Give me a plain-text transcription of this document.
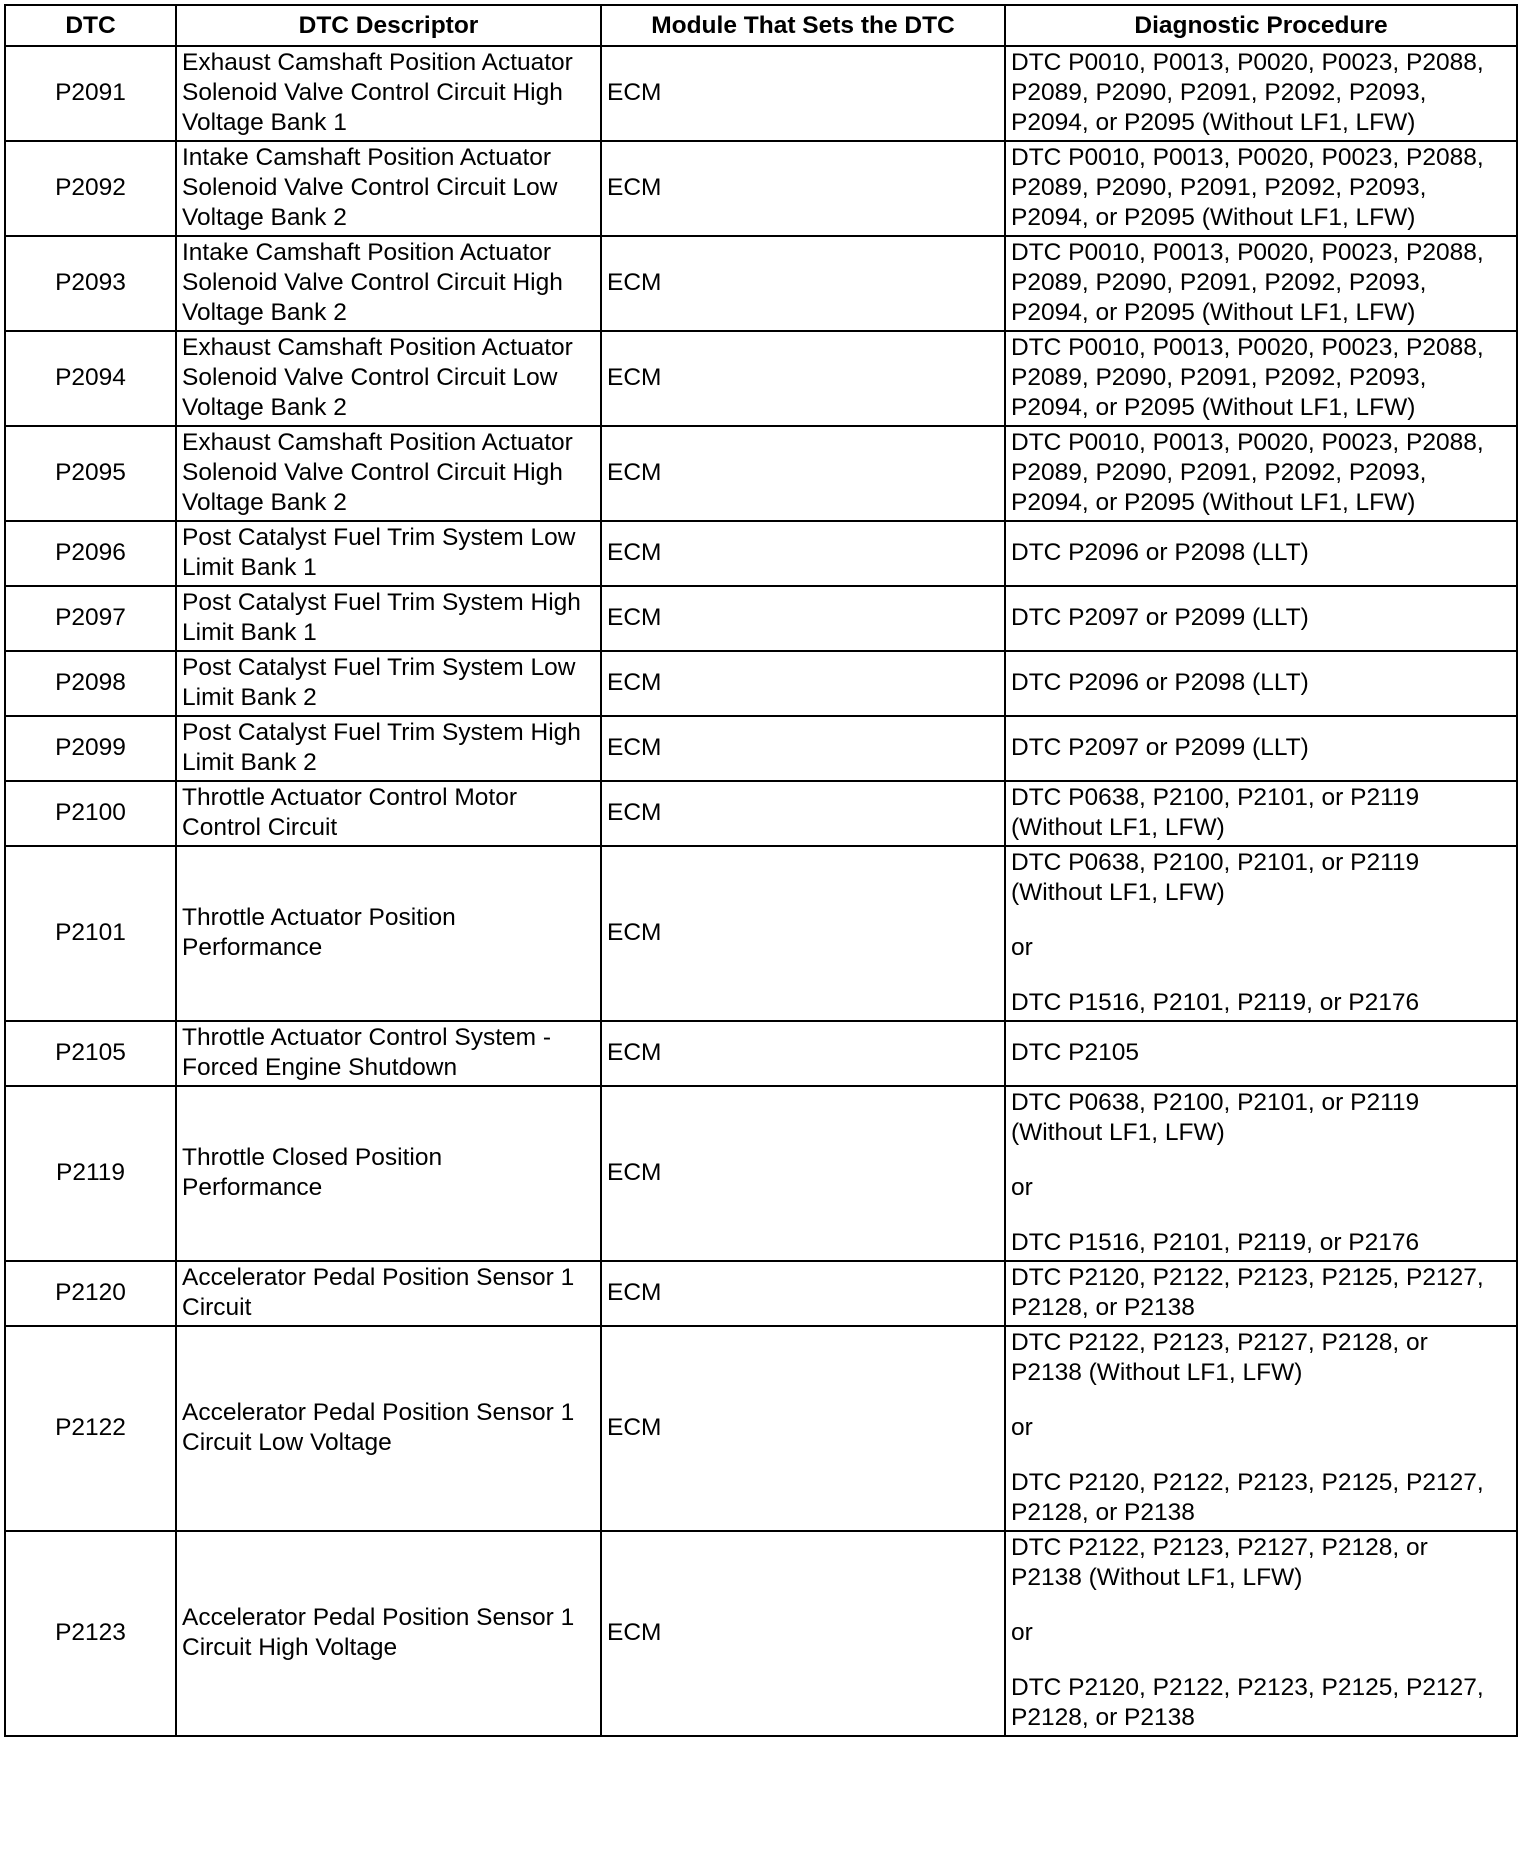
DTC	DTC Descriptor	Module That Sets the DTC	Diagnostic Procedure
P2091	Exhaust Camshaft Position Actuator
Solenoid Valve Control Circuit High
Voltage Bank 1	ECM	DTC P0010, P0013, P0020, P0023, P2088,
P2089, P2090, P2091, P2092, P2093,
P2094, or P2095 (Without LF1, LFW)

P2092	Intake Camshaft Position Actuator
Solenoid Valve Control Circuit Low
Voltage Bank 2	ECM	DTC P0010, P0013, P0020, P0023, P2088,
P2089, P2090, P2091, P2092, P2093,
P2094, or P2095 (Without LF1, LFW)

P2093	Intake Camshaft Position Actuator
Solenoid Valve Control Circuit High
Voltage Bank 2	ECM	DTC P0010, P0013, P0020, P0023, P2088,
P2089, P2090, P2091, P2092, P2093,
P2094, or P2095 (Without LF1, LFW)

P2094	Exhaust Camshaft Position Actuator
Solenoid Valve Control Circuit Low
Voltage Bank 2	ECM	DTC P0010, P0013, P0020, P0023, P2088,
P2089, P2090, P2091, P2092, P2093,
P2094, or P2095 (Without LF1, LFW)

P2095	Exhaust Camshaft Position Actuator
Solenoid Valve Control Circuit High
Voltage Bank 2	ECM	DTC P0010, P0013, P0020, P0023, P2088,
P2089, P2090, P2091, P2092, P2093,
P2094, or P2095 (Without LF1, LFW)

P2096	Post Catalyst Fuel Trim System Low
Limit Bank 1	ECM	DTC P2096 or P2098 (LLT)

P2097	Post Catalyst Fuel Trim System High
Limit Bank 1	ECM	DTC P2097 or P2099 (LLT)

P2098	Post Catalyst Fuel Trim System Low
Limit Bank 2	ECM	DTC P2096 or P2098 (LLT)

P2099	Post Catalyst Fuel Trim System High
Limit Bank 2	ECM	DTC P2097 or P2099 (LLT)

P2100	Throttle Actuator Control Motor
Control Circuit	ECM	DTC P0638, P2100, P2101, or P2119
(Without LF1, LFW)

P2101	Throttle Actuator Position
Performance	ECM	DTC P0638, P2100, P2101, or P2119
(Without LF1, LFW)
or
DTC P1516, P2101, P2119, or P2176

P2105	Throttle Actuator Control System -
Forced Engine Shutdown	ECM	DTC P2105

P2119	Throttle Closed Position
Performance	ECM	DTC P0638, P2100, P2101, or P2119
(Without LF1, LFW)
or
DTC P1516, P2101, P2119, or P2176

P2120	Accelerator Pedal Position Sensor 1
Circuit	ECM	DTC P2120, P2122, P2123, P2125, P2127,
P2128, or P2138

P2122	Accelerator Pedal Position Sensor 1
Circuit Low Voltage	ECM	DTC P2122, P2123, P2127, P2128, or
P2138 (Without LF1, LFW)
or
DTC P2120, P2122, P2123, P2125, P2127,
P2128, or P2138

P2123	Accelerator Pedal Position Sensor 1
Circuit High Voltage	ECM	DTC P2122, P2123, P2127, P2128, or
P2138 (Without LF1, LFW)
or
DTC P2120, P2122, P2123, P2125, P2127,
P2128, or P2138
